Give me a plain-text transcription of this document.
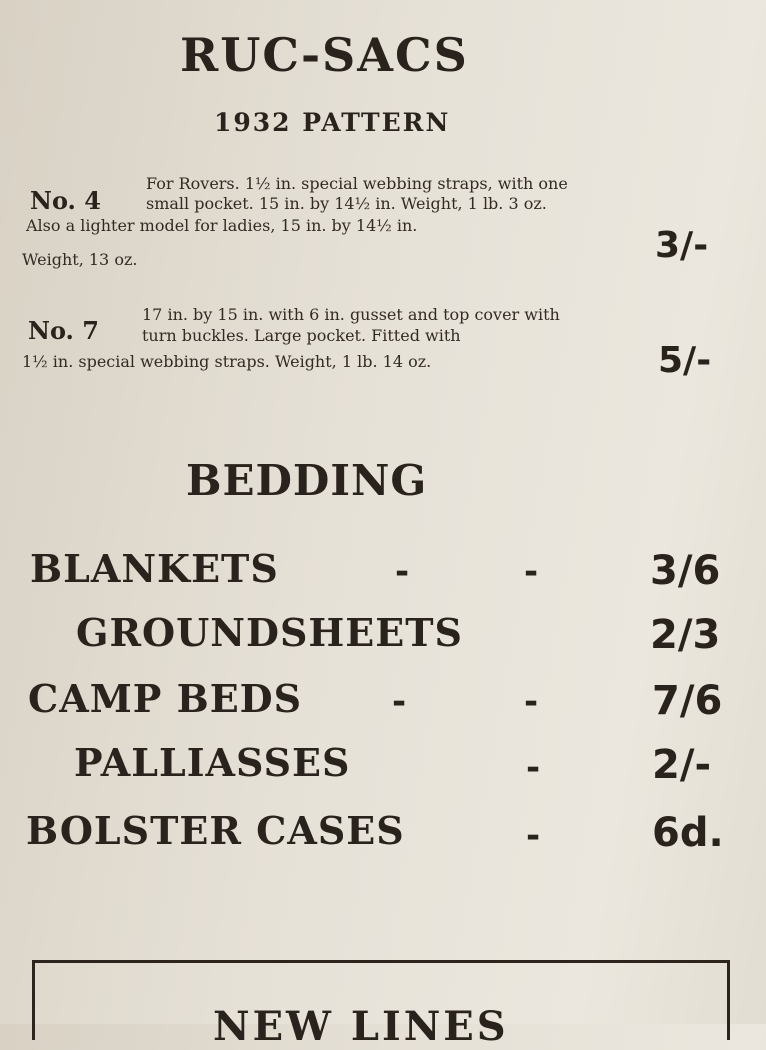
RUC-SACS
1932 PATTERN
No. 4
For Rovers. 1½ in. special webbing straps, with one
small pocket. 15 in. by 14½ in. Weight, 1 lb. 3 oz.
Also a lighter model for ladies, 15 in. by 14½ in.
Weight, 13 oz.	3/-
No. 7
17 in. by 15 in. with 6 in. gusset and top cover with
turn buckles. Large pocket. Fitted with
1½ in. special webbing straps. Weight, 1 lb. 14 oz.	5/-
BEDDING
BLANKETS	-	-	3/6
GROUNDSHEETS	2/3
CAMP BEDS	-	-	7/6
PALLIASSES	-	2/-
BOLSTER CASES	-	6d.
NEW LINES
